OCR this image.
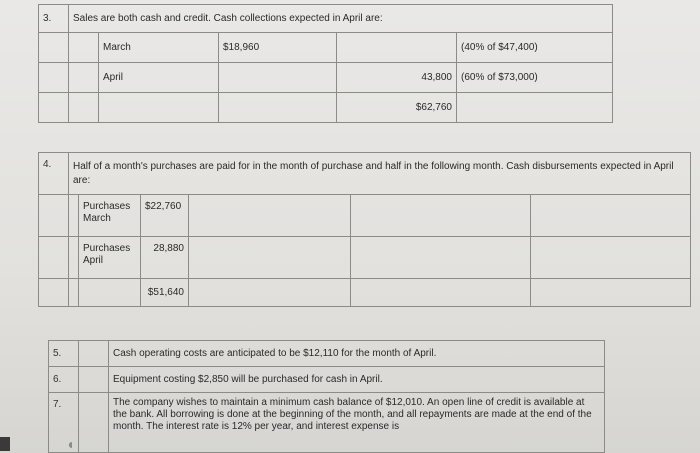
3.	Sales are both cash and credit. Cash collections expected in April are:				
		March	$18,960		(40% of $47,400)
		April		43,800	(60% of $73,000)
				$62,760	
4.	Half of a month's purchases are paid for in the month of purchase and half in the following month. Cash disbursements expected in April are:					
		Purchases March	$22,760			
		Purchases April	28,880			
			$51,640			
5.		Cash operating costs are anticipated to be $12,110 for the month of April.
6.		Equipment costing $2,850 will be purchased for cash in April.
7.		The company wishes to maintain a minimum cash balance of $12,010. An open line of credit is available at the bank. All borrowing is done at the beginning of the month, and all repayments are made at the end of the month. The interest rate is 12% per year, and interest expense is
◖
